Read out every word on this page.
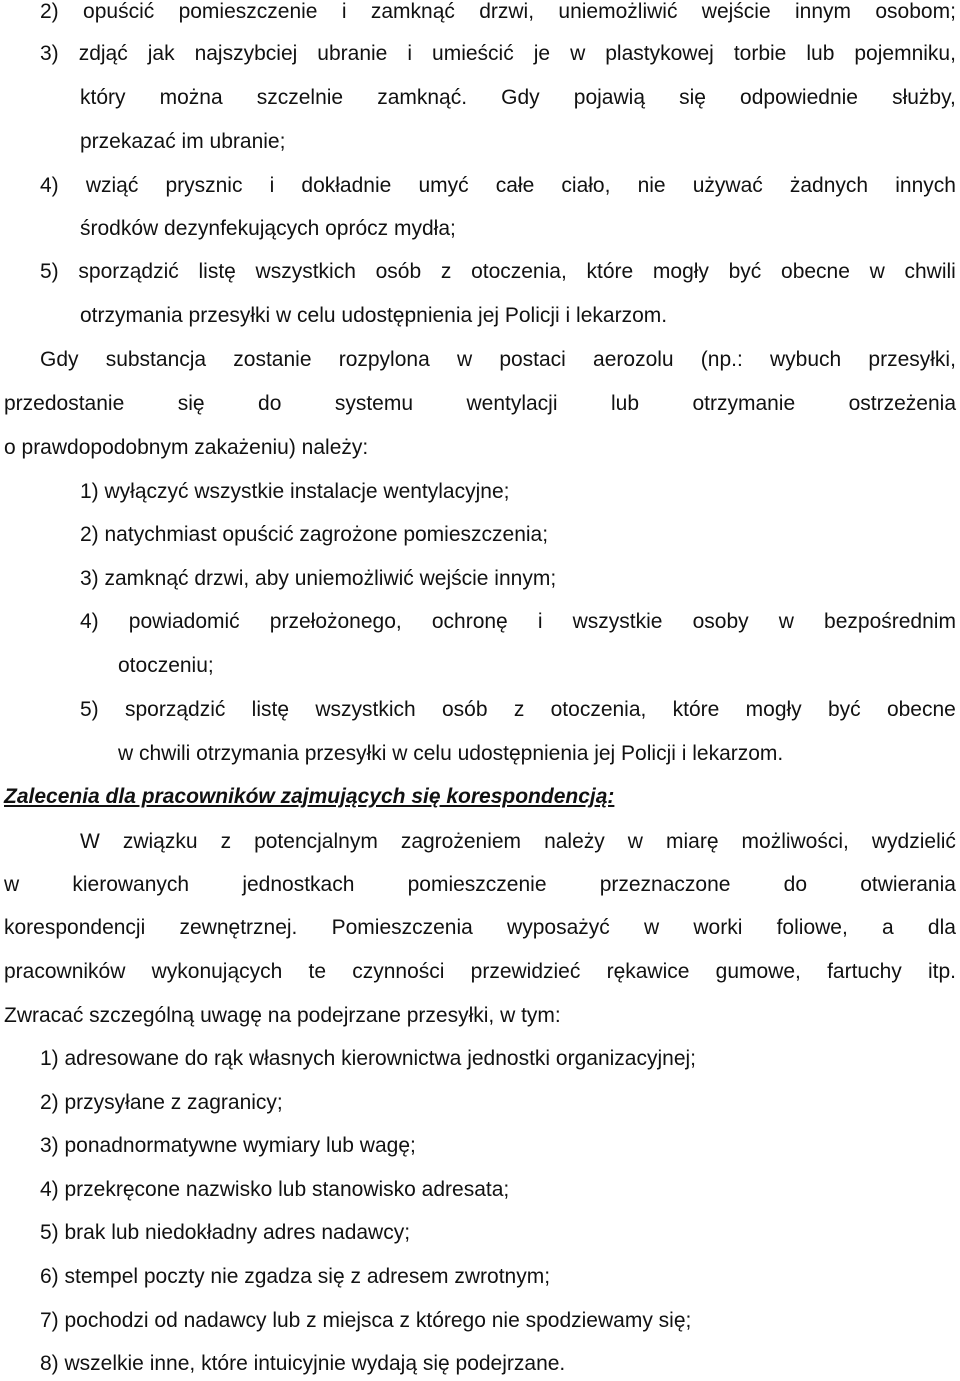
2) opuścić pomieszczenie i zamknąć drzwi, uniemożliwić wejście innym osobom;
3) zdjąć jak najszybciej ubranie i umieścić je w plastykowej torbie lub pojemniku,
który można szczelnie zamknąć. Gdy pojawią się odpowiednie służby,
przekazać im ubranie;
4) wziąć prysznic i dokładnie umyć całe ciało, nie używać żadnych innych
środków dezynfekujących oprócz mydła;
5) sporządzić listę wszystkich osób z otoczenia, które mogły być obecne w chwili
otrzymania przesyłki w celu udostępnienia jej Policji i lekarzom.
Gdy substancja zostanie rozpylona w postaci aerozolu (np.: wybuch przesyłki,
przedostanie	się	do	systemu	wentylacji	lub	otrzymanie	ostrzeżenia
o prawdopodobnym zakażeniu) należy:
1) wyłączyć wszystkie instalacje wentylacyjne;
2) natychmiast opuścić zagrożone pomieszczenia;
3) zamknąć drzwi, aby uniemożliwić wejście innym;
4) powiadomić przełożonego, ochronę i wszystkie osoby w bezpośrednim
otoczeniu;
5) sporządzić listę wszystkich osób z otoczenia, które mogły być obecne
w chwili otrzymania przesyłki w celu udostępnienia jej Policji i lekarzom.
Zalecenia dla pracowników zajmujących się korespondencją:
W związku z potencjalnym zagrożeniem należy w miarę możliwości, wydzielić
w	kierowanych	jednostkach	pomieszczenie	przeznaczone	do	otwierania
korespondencji zewnętrznej. Pomieszczenia wyposażyć w worki foliowe, a dla
pracowników wykonujących te czynności przewidzieć rękawice gumowe, fartuchy itp.
Zwracać szczególną uwagę na podejrzane przesyłki, w tym:
1) adresowane do rąk własnych kierownictwa jednostki organizacyjnej;
2) przysyłane z zagranicy;
3) ponadnormatywne wymiary lub wagę;
4) przekręcone nazwisko lub stanowisko adresata;
5) brak lub niedokładny adres nadawcy;
6) stempel poczty nie zgadza się z adresem zwrotnym;
7) pochodzi od nadawcy lub z miejsca z którego nie spodziewamy się;
8) wszelkie inne, które intuicyjnie wydają się podejrzane.
